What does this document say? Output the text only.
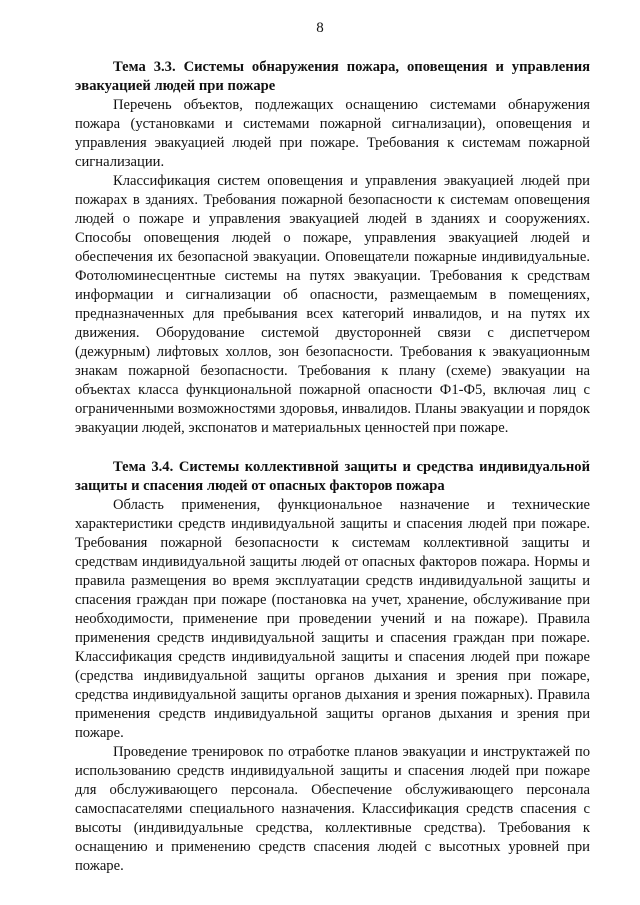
8

Тема 3.3. Системы обнаружения пожара, оповещения и управления эвакуацией людей при пожаре

Перечень объектов, подлежащих оснащению системами обнаружения пожара (установками и системами пожарной сигнализации), оповещения и управления эвакуацией людей при пожаре. Требования к системам пожарной сигнализации.

Классификация систем оповещения и управления эвакуацией людей при пожарах в зданиях. Требования пожарной безопасности к системам оповещения людей о пожаре и управления эвакуацией людей в зданиях и сооружениях. Способы оповещения людей о пожаре, управления эвакуацией людей и обеспечения их безопасной эвакуации. Оповещатели пожарные индивидуальные. Фотолюминесцентные системы на путях эвакуации. Требования к средствам информации и сигнализации об опасности, размещаемым в помещениях, предназначенных для пребывания всех категорий инвалидов, и на путях их движения. Оборудование системой двусторонней связи с диспетчером (дежурным) лифтовых холлов, зон безопасности. Требования к эвакуационным знакам пожарной безопасности. Требования к плану (схеме) эвакуации на объектах класса функциональной пожарной опасности Ф1-Ф5, включая лиц с ограниченными возможностями здоровья, инвалидов. Планы эвакуации и порядок эвакуации людей, экспонатов и материальных ценностей при пожаре.

Тема 3.4. Системы коллективной защиты и средства индивидуальной защиты и спасения людей от опасных факторов пожара

Область применения, функциональное назначение и технические характеристики средств индивидуальной защиты и спасения людей при пожаре. Требования пожарной безопасности к системам коллективной защиты и средствам индивидуальной защиты людей от опасных факторов пожара. Нормы и правила размещения во время эксплуатации средств индивидуальной защиты и спасения граждан при пожаре (постановка на учет, хранение, обслуживание при необходимости, применение при проведении учений и на пожаре). Правила применения средств индивидуальной защиты и спасения граждан при пожаре. Классификация средств индивидуальной защиты и спасения людей при пожаре (средства индивидуальной защиты органов дыхания и зрения при пожаре, средства индивидуальной защиты органов дыхания и зрения пожарных). Правила применения средств индивидуальной защиты органов дыхания и зрения при пожаре.

Проведение тренировок по отработке планов эвакуации и инструктажей по использованию средств индивидуальной защиты и спасения людей при пожаре для обслуживающего персонала. Обеспечение обслуживающего персонала самоспасателями специального назначения. Классификация средств спасения с высоты (индивидуальные средства, коллективные средства). Требования к оснащению и применению средств спасения людей с высотных уровней при пожаре.
